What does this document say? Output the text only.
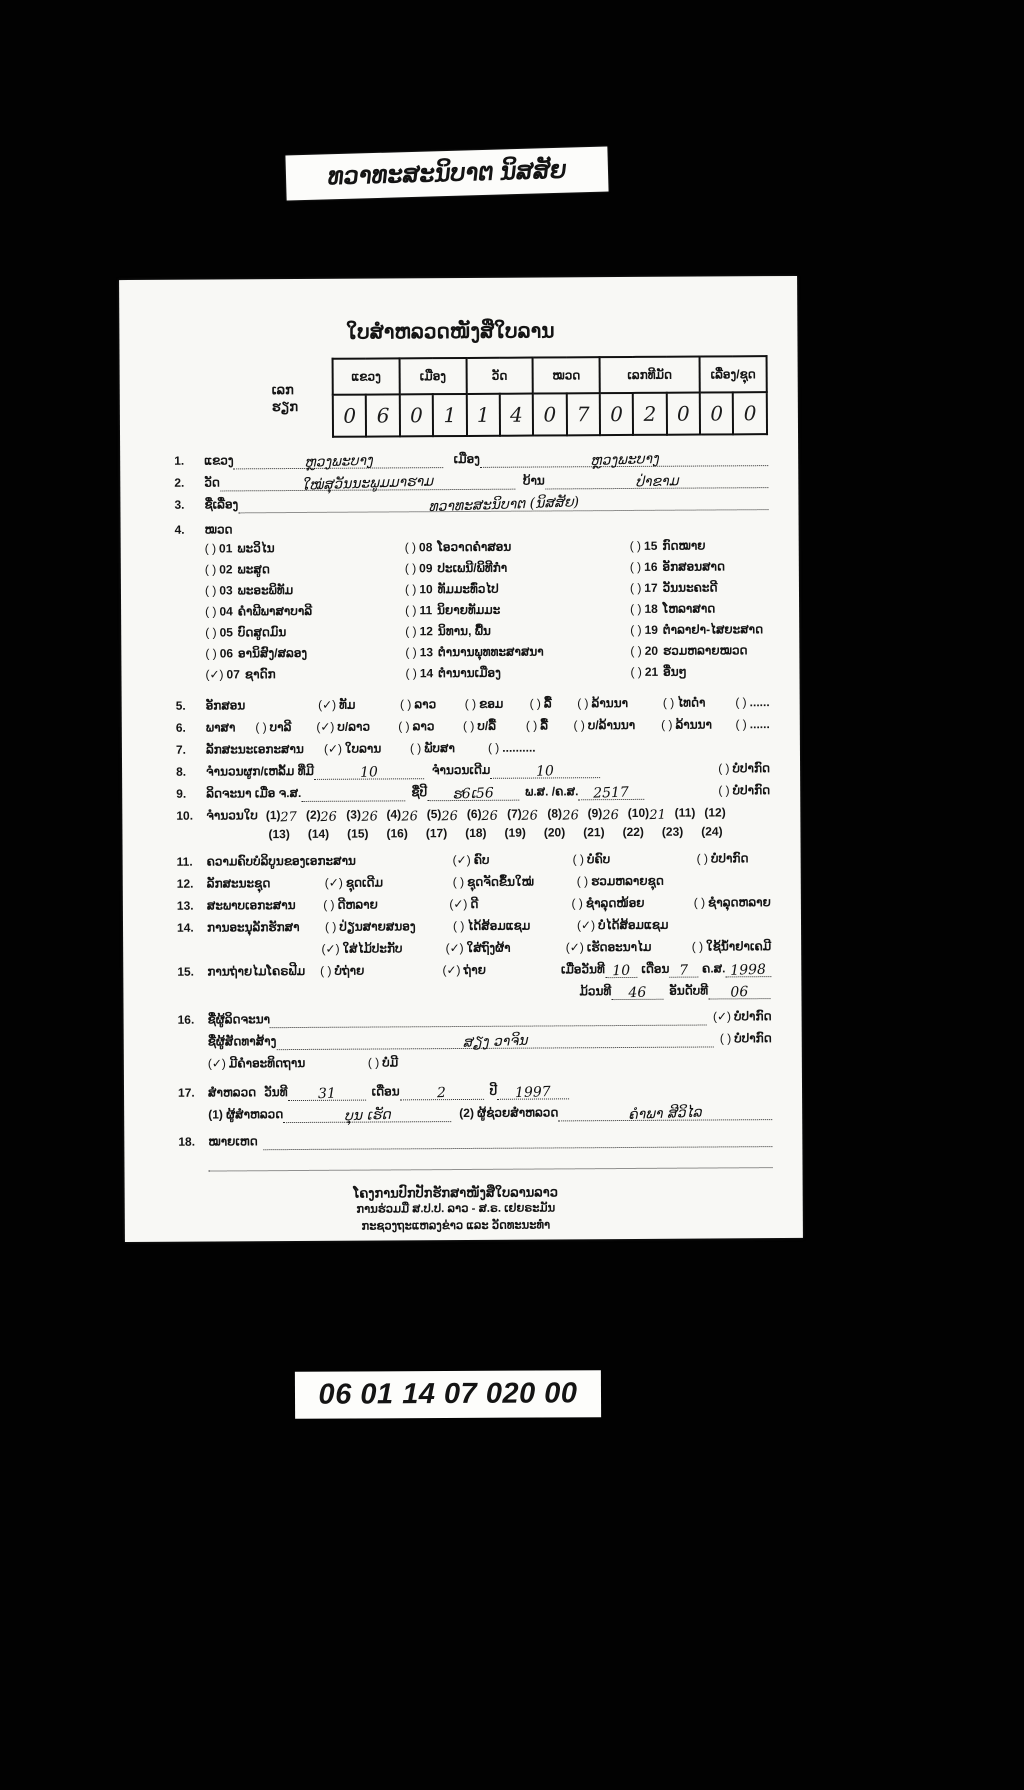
ທວາທະສະນິບາຕ ນິສສັຍ
ໃບສຳຫລວດໜັງສືໃບລານ
ເລກຮຽກ
ແຂວງ		ເມືອງ		ວັດ		ໝວດ		ເລກທີມັດ			ເລື່ອງ/ຊຸດ	
0	6	0	1	1	4	0	7	0	2	0	0	0
1.	ແຂວງ	ຫຼວງພະບາງ	ເມືອງ	ຫຼວງພະບາງ
2.	ວັດ	ໃໝ່ສຸວັນນະພູມມາຮາມ	ບ້ານ	ປ່າຂາມ
3.	ຊື່ເລື່ອງ	ທວາທະສະນິບາຕ (ນິສສັຍ)
4.	ໝວດ
( ) 01 ພະວິໄນ
( ) 02 ພະສູດ
( ) 03 ພະອະພິທັມ
( ) 04 ຄຳພີພາສາບາລີ
( ) 05 ບົດສູດມົນ
( ) 06 ອານິສົງ/ສລອງ
(✓) 07 ຊາດົກ
( ) 08 ໂອວາດຄຳສອນ
( ) 09 ປະເພນີ/ພິທີກຳ
( ) 10 ທັມມະທົ່ວໄປ
( ) 11 ນິຍາຍທັມມະ
( ) 12 ນິທານ, ພື້ນ
( ) 13 ຕຳນານພຸທທະສາສນາ
( ) 14 ຕຳນານເມືອງ
( ) 15 ກົດໝາຍ
( ) 16 ອັກສອນສາດ
( ) 17 ວັນນະຄະດີ
( ) 18 ໂຫລາສາດ
( ) 19 ຕຳລາຢາ-ໄສຍະສາດ
( ) 20 ຮວມຫລາຍໝວດ
( ) 21 ອື່ນໆ
5.	ອັກສອນ	(✓) ທັມ	( ) ລາວ	( ) ຂອມ	( ) ລື້	( ) ລ້ານນາ	( ) ໄທດຳ	( ) ......
6.	ພາສາ	( ) ບາລີ	(✓) ບ/ລາວ	( ) ລາວ	( ) ບ/ລື້	( ) ລື້	( ) ບ/ລ້ານນາ	( ) ລ້ານນາ	( ) ......
7.	ລັກສະນະເອກະສານ	(✓) ໃບລານ	( ) ພັບສາ	( ) ..........
8.	ຈຳນວນຜູກ/ເຫລັ້ມ ທີ່ມີ	10	ຈຳນວນເດີມ	10	( ) ບໍ່ປາກົດ
9.	ລິດຈະນາ ເມື່ອ ຈ.ສ.	ຊື່ປີ	ຮ6ເ56	ພ.ສ. /ຄ.ສ.	2517	( ) ບໍ່ປາກົດ
10.	ຈຳນວນໃບ (1)27 (2)26 (3)26 (4)26 (5)26 (6)26 (7)26 (8)26 (9)26 (10)21 (11) (12)
(13) (14) (15) (16) (17) (18) (19) (20) (21) (22) (23) (24)
11.	ຄວາມຄົບບໍລິບູນຂອງເອກະສານ	(✓) ຄົບ	( ) ບໍ່ຄົບ	( ) ບໍ່ປາກົດ
12.	ລັກສະນະຊຸດ	(✓) ຊຸດເດີມ	( ) ຊຸດຈັດຂຶ້ນໃໝ່	( ) ຮວມຫລາຍຊຸດ
13.	ສະພາບເອກະສານ	( ) ດີຫລາຍ	(✓) ດີ	( ) ຊຳລຸດໜ້ອຍ	( ) ຊຳລຸດຫລາຍ
14.	ການອະນຸລັກຮັກສາ	( ) ປ່ຽນສາຍສນອງ	( ) ໄດ້ສ້ອມແຊມ	(✓) ບໍ່ໄດ້ສ້ອມແຊມ
(✓) ໃສ່ໄມ້ປະກັບ	(✓) ໃສ່ຖົງຜ້າ	(✓) ເຮັດອະນາໄມ	( ) ໃຊ້ນ້ຳຢາເຄມີ
15.	ການຖ່າຍໄມໂຄຣຟີມ	( ) ບໍ່ຖ່າຍ	(✓) ຖ່າຍ	ເມື່ອວັນທີ 10 ເດືອນ 7	ຄ.ສ. 1998
ມ້ວນທີ	46	ອັນດັບທີ	06
16.	ຊື່ຜູ້ລິດຈະນາ	(✓) ບໍ່ປາກົດ
ຊື່ຜູ້ສັດທາສ້າງ	ສຽງ ວາຈິນ	( ) ບໍ່ປາກົດ
(✓) ມີຄຳອະທິດຖານ	( ) ບໍ່ມີ
17.	ສຳຫລວດ ວັນທີ	31	ເດືອນ	2	ປີ	1997
(1) ຜູ້ສຳຫລວດ	ບຸນ ເຮັດ	(2) ຜູ້ຊ່ວຍສຳຫລວດ	ຄຳພາ ສີວິໄລ
18.	ໝາຍເຫດ
ໂຄງການປົກປັກຮັກສາໜັງສືໃບລານລາວ
ການຮ່ວມມື ສ.ປ.ປ. ລາວ - ສ.ຣ. ເຢຍຣະມັນ
ກະຊວງຖະແຫລງຂ່າວ ແລະ ວັດທະນະທຳ
06 01 14 07 020 00
